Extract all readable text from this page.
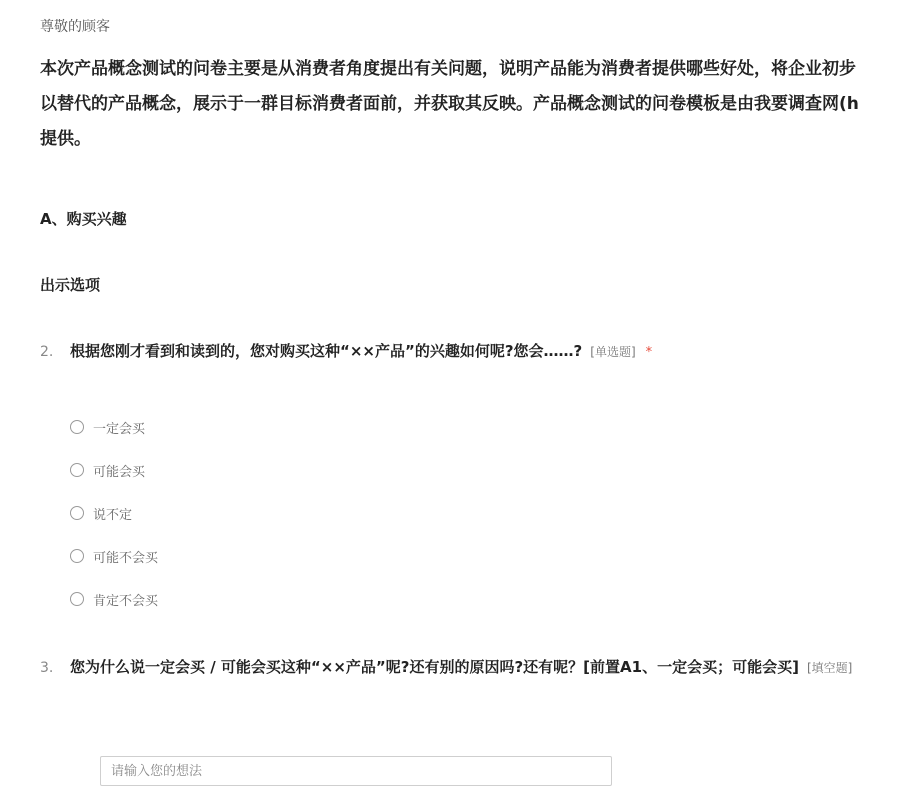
尊敬的顾客
本次产品概念测试的问卷主要是从消费者角度提出有关问题，说明产品能为消费者提供哪些好处，将企业初步
以替代的产品概念，展示于一群目标消费者面前，并获取其反映。产品概念测试的问卷模板是由我要调查网(h
提供。
A、购买兴趣
出示选项
2. 根据您刚才看到和读到的，您对购买这种“××产品”的兴趣如何呢?您会……? [单选题] *
一定会买
可能会买
说不定
可能不会买
肯定不会买
3. 您为什么说一定会买 / 可能会买这种“××产品”呢?还有别的原因吗?还有呢？[前置A1、一定会买；可能会买] [填空题]
请输入您的想法
